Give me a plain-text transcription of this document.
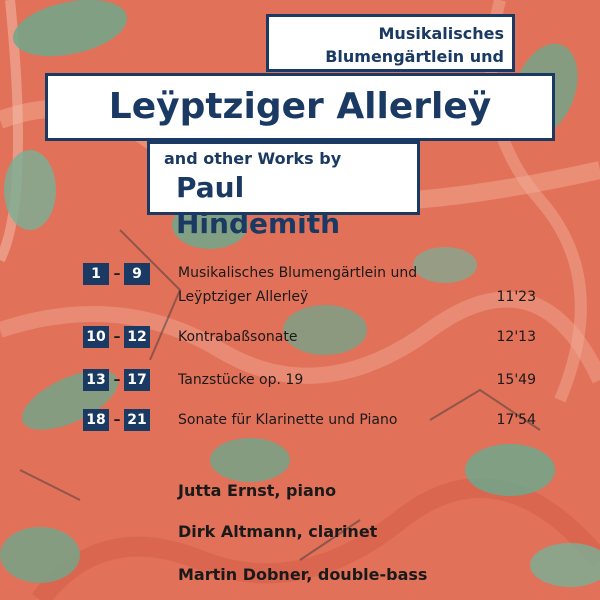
Musikalisches
Blumengärtlein und
Leÿptziger Allerleÿ
and other Works by
Paul Hindemith
1 – 9	Musikalisches Blumengärtlein und
Leÿptziger Allerleÿ	11'23
10 – 12 Kontrabaßsonate	12'13
13 – 17 Tanzstücke op. 19	15'49
18 – 21 Sonate für Klarinette und Piano	17'54
Jutta Ernst, piano
Dirk Altmann, clarinet
Martin Dobner, double-bass
